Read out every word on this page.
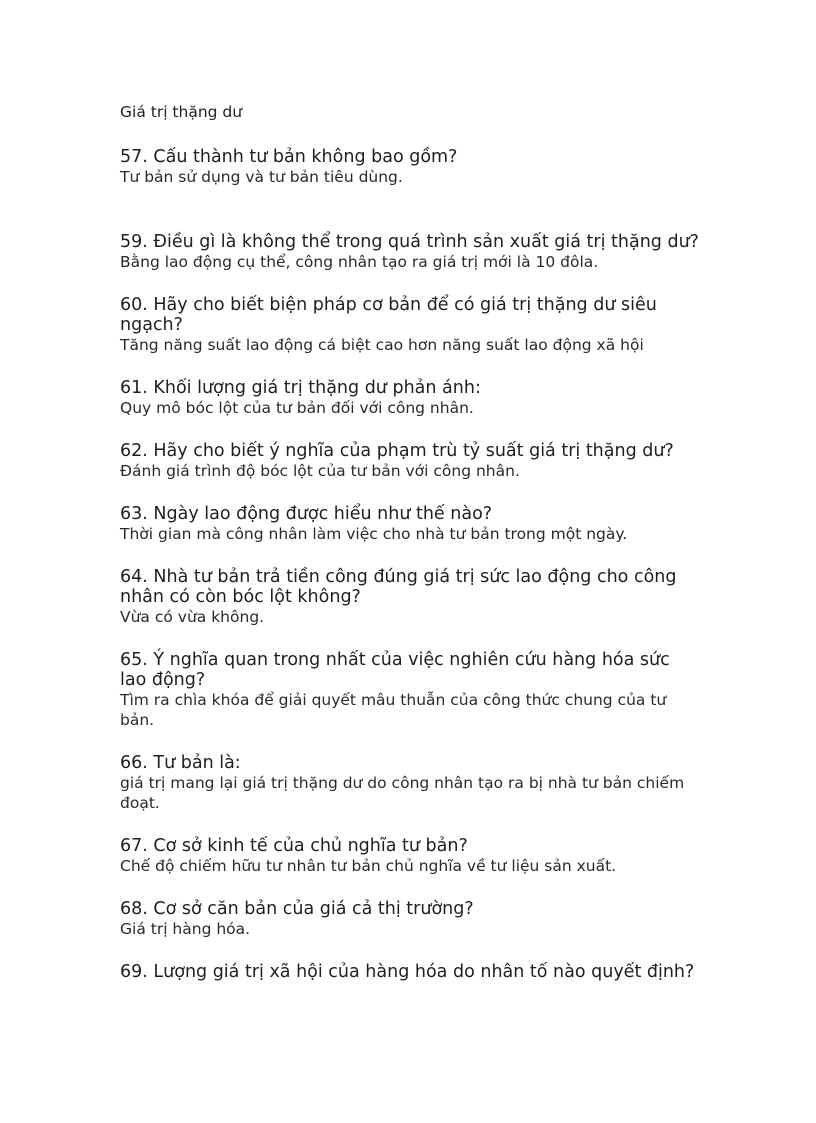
Giá trị thặng dư

57. Cấu thành tư bản không bao gồm?

Tư bản sử dụng và tư bản tiêu dùng.

59. Điều gì là không thể trong quá trình sản xuất giá trị thặng dư?

Bằng lao động cụ thể, công nhân tạo ra giá trị mới là 10 đôla.

60. Hãy cho biết biện pháp cơ bản để có giá trị thặng dư siêu ngạch?

Tăng năng suất lao động cá biệt cao hơn năng suất lao động xã hội

61. Khối lượng giá trị thặng dư phản ánh:

Quy mô bóc lột của tư bản đối với công nhân.

62. Hãy cho biết ý nghĩa của phạm trù tỷ suất giá trị thặng dư?

Đánh giá trình độ bóc lột của tư bản với công nhân.

63. Ngày lao động được hiểu như thế nào?

Thời gian mà công nhân làm việc cho nhà tư bản trong một ngày.

64. Nhà tư bản trả tiền công đúng giá trị sức lao động cho công nhân có còn bóc lột không?

Vừa có vừa không.

65. Ý nghĩa quan trong nhất của việc nghiên cứu hàng hóa sức lao động?

Tìm ra chìa khóa để giải quyết mâu thuẫn của công thức chung của tư bản.

66. Tư bản là:

giá trị mang lại giá trị thặng dư do công nhân tạo ra bị nhà tư bản chiếm đoạt.

67. Cơ sở kinh tế của chủ nghĩa tư bản?

Chế độ chiếm hữu tư nhân tư bản chủ nghĩa về tư liệu sản xuất.

68. Cơ sở căn bản của giá cả thị trường?

Giá trị hàng hóa.

69. Lượng giá trị xã hội của hàng hóa do nhân tố nào quyết định?
